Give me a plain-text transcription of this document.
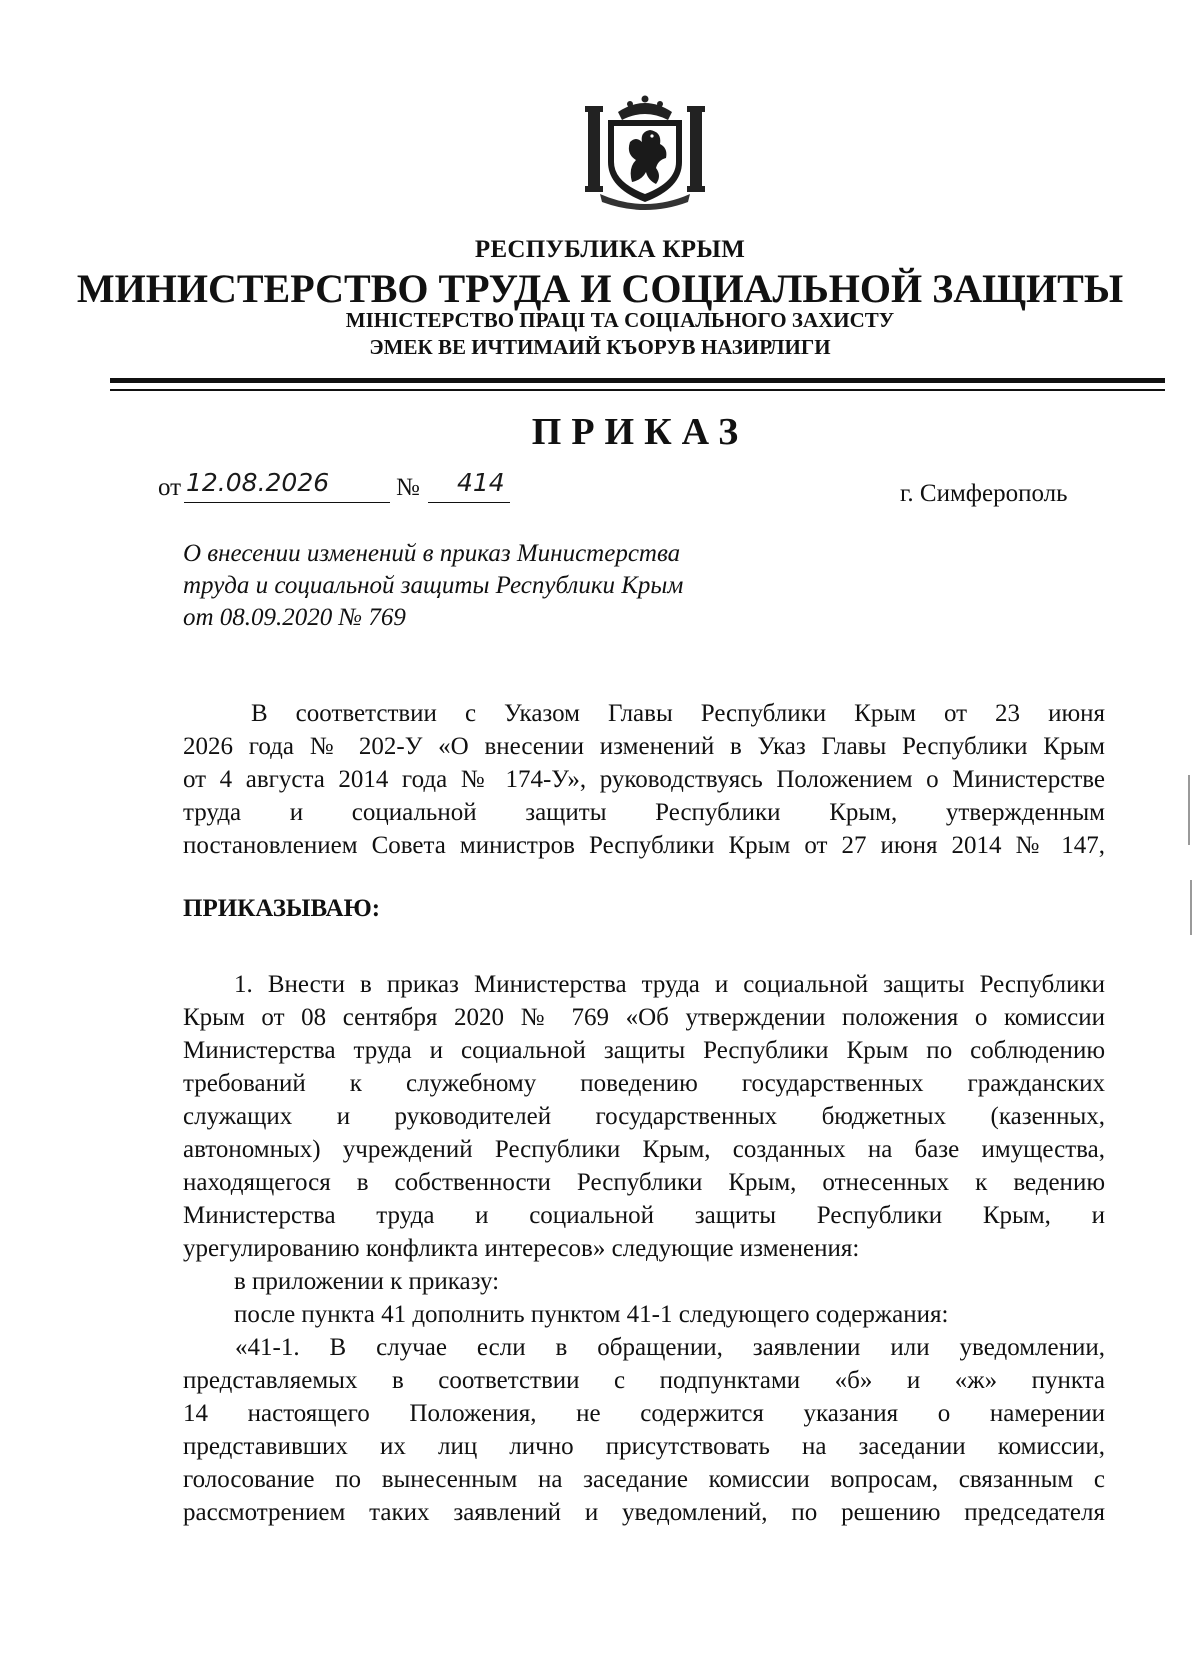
РЕСПУБЛИКА КРЫМ
МИНИСТЕРСТВО ТРУДА И СОЦИАЛЬНОЙ ЗАЩИТЫ
МІНІСТЕРСТВО ПРАЦІ ТА СОЦІАЛЬНОГО ЗАХИСТУ
ЭМЕК ВЕ ИЧТИМАИЙ КЪОРУВ НАЗИРЛИГИ
ПРИКАЗ
от 12.08.2026	№ 414	г. Симферополь
О внесении изменений в приказ Министерства
труда и социальной защиты Республики Крым
от 08.09.2020 № 769
В соответствии с Указом Главы Республики Крым от 23 июня
2026 года № 202-У «О внесении изменений в Указ Главы Республики Крым
от 4 августа 2014 года № 174-У», руководствуясь Положением о Министерстве
труда и социальной защиты Республики Крым, утвержденным
постановлением Совета министров Республики Крым от 27 июня 2014 № 147,
ПРИКАЗЫВАЮ:
1. Внести в приказ Министерства труда и социальной защиты Республики
Крым от 08 сентября 2020 № 769 «Об утверждении положения о комиссии
Министерства труда и социальной защиты Республики Крым по соблюдению
требований к служебному поведению государственных гражданских
служащих и руководителей государственных бюджетных (казенных,
автономных) учреждений Республики Крым, созданных на базе имущества,
находящегося в собственности Республики Крым, отнесенных к ведению
Министерства труда и социальной защиты Республики Крым, и
урегулированию конфликта интересов» следующие изменения:
в приложении к приказу:
после пункта 41 дополнить пунктом 41-1 следующего содержания:
«41-1. В случае если в обращении, заявлении или уведомлении,
представляемых в соответствии с подпунктами «б» и «ж» пункта
14 настоящего Положения, не содержится указания о намерении
представивших их лиц лично присутствовать на заседании комиссии,
голосование по вынесенным на заседание комиссии вопросам, связанным с
рассмотрением таких заявлений и уведомлений, по решению председателя
